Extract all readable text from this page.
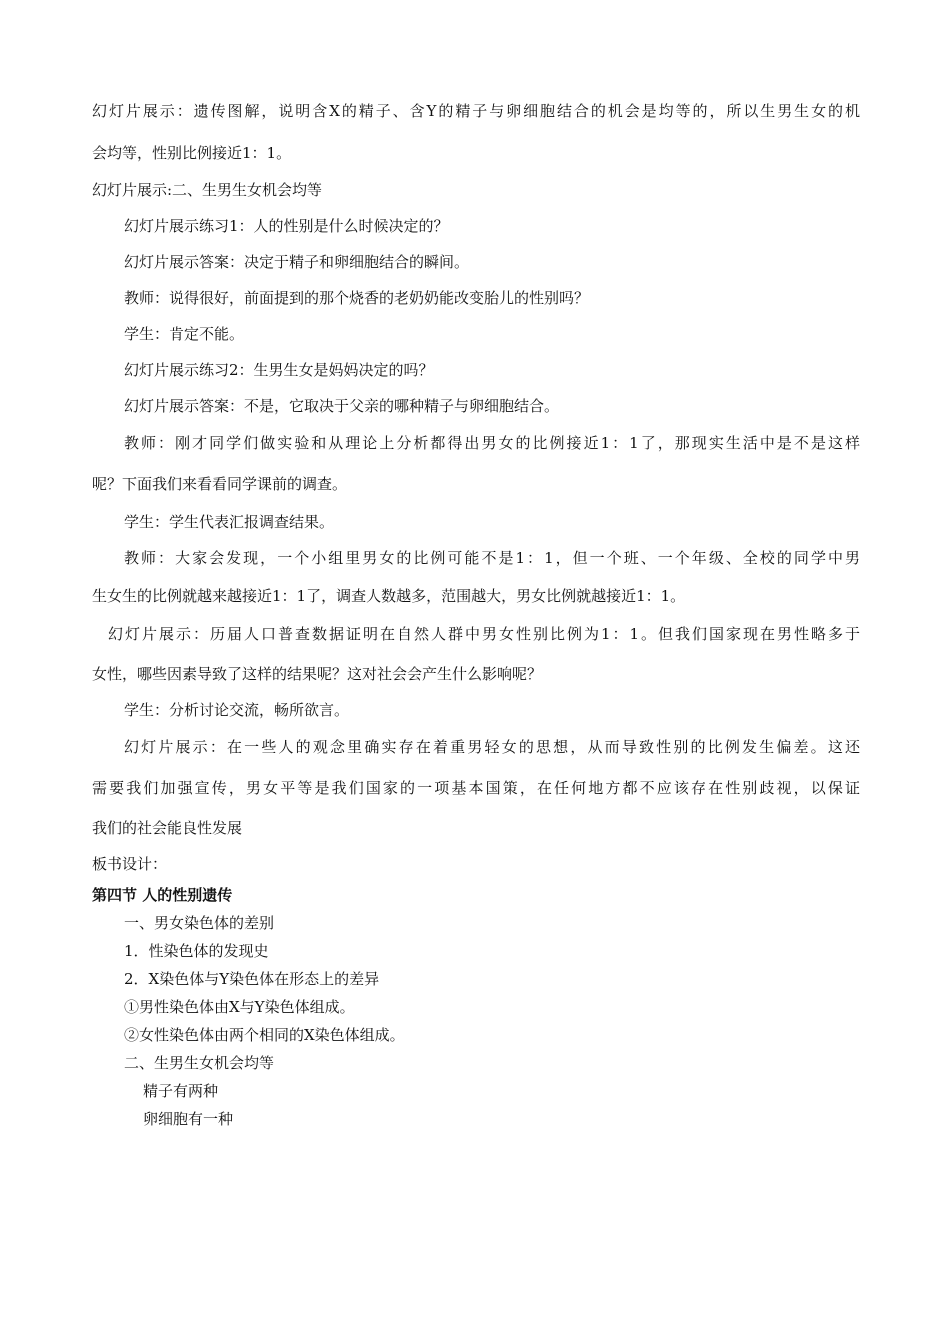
幻灯片展示：遗传图解，说明含X的精子、含Y的精子与卵细胞结合的机会是均等的，所以生男生女的机
会均等，性别比例接近1：1。
幻灯片展示:二、生男生女机会均等
幻灯片展示练习1：人的性别是什么时候决定的？
幻灯片展示答案：决定于精子和卵细胞结合的瞬间。
教师：说得很好，前面提到的那个烧香的老奶奶能改变胎儿的性别吗？
学生：肯定不能。
幻灯片展示练习2：生男生女是妈妈决定的吗？
幻灯片展示答案：不是，它取决于父亲的哪种精子与卵细胞结合。
教师：刚才同学们做实验和从理论上分析都得出男女的比例接近1：1了，那现实生活中是不是这样
呢？下面我们来看看同学课前的调查。
学生：学生代表汇报调查结果。
教师：大家会发现，一个小组里男女的比例可能不是1：1，但一个班、一个年级、全校的同学中男
生女生的比例就越来越接近1：1了，调查人数越多，范围越大，男女比例就越接近1：1。
幻灯片展示：历届人口普查数据证明在自然人群中男女性别比例为1：1。但我们国家现在男性略多于
女性，哪些因素导致了这样的结果呢？这对社会会产生什么影响呢？
学生：分析讨论交流，畅所欲言。
幻灯片展示：在一些人的观念里确实存在着重男轻女的思想，从而导致性别的比例发生偏差。这还
需要我们加强宣传，男女平等是我们国家的一项基本国策，在任何地方都不应该存在性别歧视，以保证
我们的社会能良性发展
板书设计：
第四节 人的性别遗传
一、男女染色体的差别
1．性染色体的发现史
2．X染色体与Y染色体在形态上的差异
①男性染色体由X与Y染色体组成。
②女性染色体由两个相同的X染色体组成。
二、生男生女机会均等
精子有两种
卵细胞有一种
